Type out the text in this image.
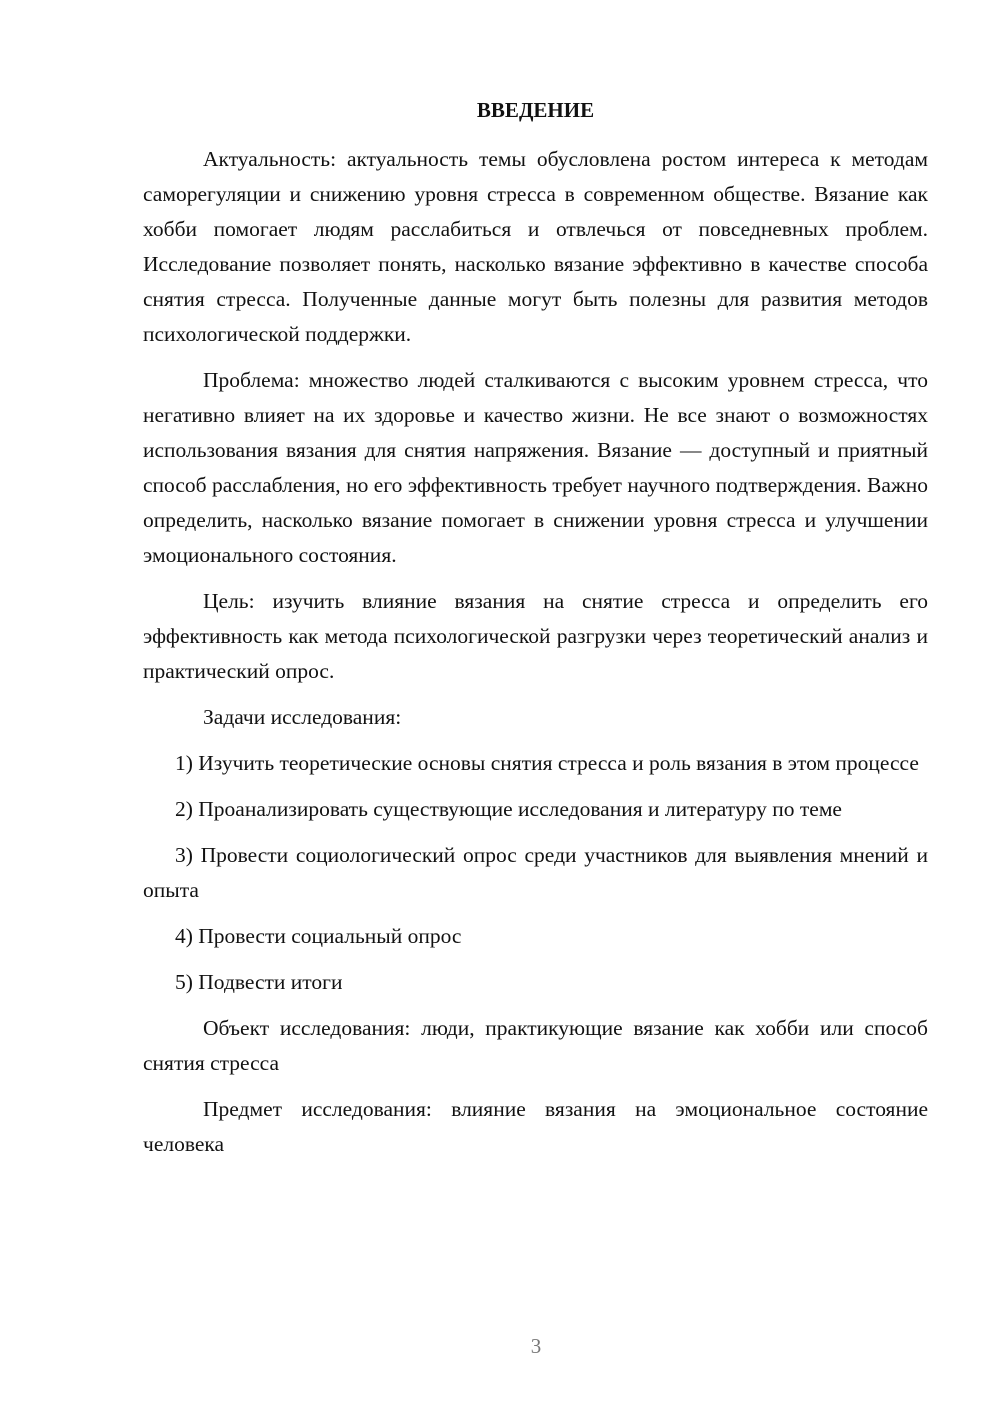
ВВЕДЕНИЕ

Актуальность: актуальность темы обусловлена ростом интереса к методам саморегуляции и снижению уровня стресса в современном обществе. Вязание как хобби помогает людям расслабиться и отвлечься от повседневных проблем. Исследование позволяет понять, насколько вязание эффективно в качестве способа снятия стресса. Полученные данные могут быть полезны для развития методов психологической поддержки.

Проблема: множество людей сталкиваются с высоким уровнем стресса, что негативно влияет на их здоровье и качество жизни. Не все знают о возможностях использования вязания для снятия напряжения. Вязание — доступный и приятный способ расслабления, но его эффективность требует научного подтверждения. Важно определить, насколько вязание помогает в снижении уровня стресса и улучшении эмоционального состояния.

Цель: изучить влияние вязания на снятие стресса и определить его эффективность как метода психологической разгрузки через теоретический анализ и практический опрос.

Задачи исследования:

1) Изучить теоретические основы снятия стресса и роль вязания в этом процессе

2) Проанализировать существующие исследования и литературу по теме

3) Провести социологический опрос среди участников для выявления мнений и опыта

4) Провести социальный опрос

5) Подвести итоги

Объект исследования: люди, практикующие вязание как хобби или способ снятия стресса

Предмет исследования: влияние вязания на эмоциональное состояние человека

3
